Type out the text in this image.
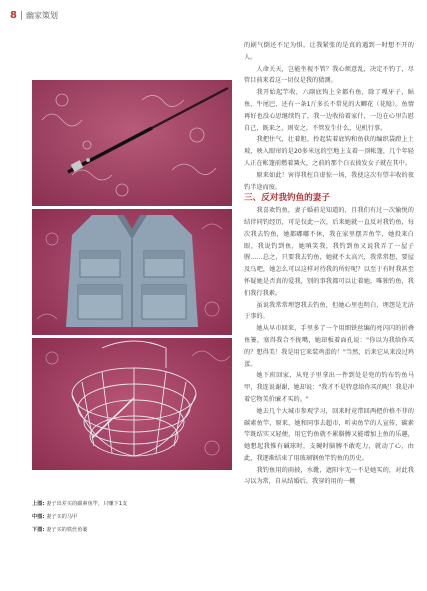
8 幽家策划
上图: 妻子出差买的碳素鱼竿，只赚下1支
中图: 妻子买的马甲
下图: 妻子买的铁丝鱼篓

的剧气倒还不足为惧，让我紧张的是真的遇到一时想不开的人。

人命关天，岂能坐视不管？我心烦意乱，决定不钓了，尽管目前来看这一切仅是我的猜测。

我开始起竿收，六副底钩上全都有鱼，除了嘎牙子，鲇鱼，牛尾巴，还有一条1斤多长不常见的大鲫花（花鲶）。鱼情再好也没心思继续钓了，我一边收拾着家什，一边在心里告慰自己，既来之，则安之，不管发生什么，见机行事。

我把住气，壮着胆，拎起装着底钩和鱼获的编织袋蹬上土坡，映入眼帘的是20多米远的空地上支着一顶帐篷，几个年轻人正在帐篷前燃着篝火，之前的那个白衣披发女子就在其中。

原来如此！害得我枉自虚惊一场，我使这次有望丰收的夜钓半途而废。

三、反对我钓鱼的妻子

我喜欢钓鱼，妻子婚前是知道的，且我们有过一次愉悦的结伴同钓经历，可是仅此一次，后来她就一直反对我钓鱼，每次我去钓鱼，她都嘟嘟不休，我在家里摆弄鱼竿，她投来白眼，我说钓到鱼，她嗔笑我，我钓到鱼又说我弄了一屋子腥……总之，只要我去钓鱼，她就不太高兴，我常常想，要屋及乌吧，她怎么可以这样对待我的所好呢？以至于有时我甚至怀疑她是否真的爱我，别的事我都可以让着她，唯独钓鱼，我们我行我素。

虽说我常常埋怨我去钓鱼，但她心里也明白，埋怨是无济于事的。

她从早市回来，手里多了一个用细铁丝编的亮闪闪的折叠鱼篓，塞得我合不拢嘴，她却板着面孔说："你以为我给你买的？想得美！我是用它来装鸡蛋的！"当然，后来它从来没过鸡蛋。

她下班回家，从兜子里拿出一件到处是兜的钓布钓鱼马甲，我连说谢谢，她却说："我才不是特意给你买的呢！我是冲着它物美价廉才买的。"

她去几个大城市参观学习，回来时竟带回两把价格不菲的碳素鱼竿，原来，她和同事去超市，听卖鱼竿的人宣传，碳素竿既结实又轻便，用它钓鱼就不累胳膊又能增加上鱼的乐趣，她想起我惟有碱球时，支碗时脑膊不敢吃力，就动了心，由此，我逐渐结束了用玻璃钢鱼竿钓鱼的历史。

我钓鱼用的雨披，水靴，遮阳伞无一不是她买的，对此我习以为常，自从结婚后，我穿的用的一概
